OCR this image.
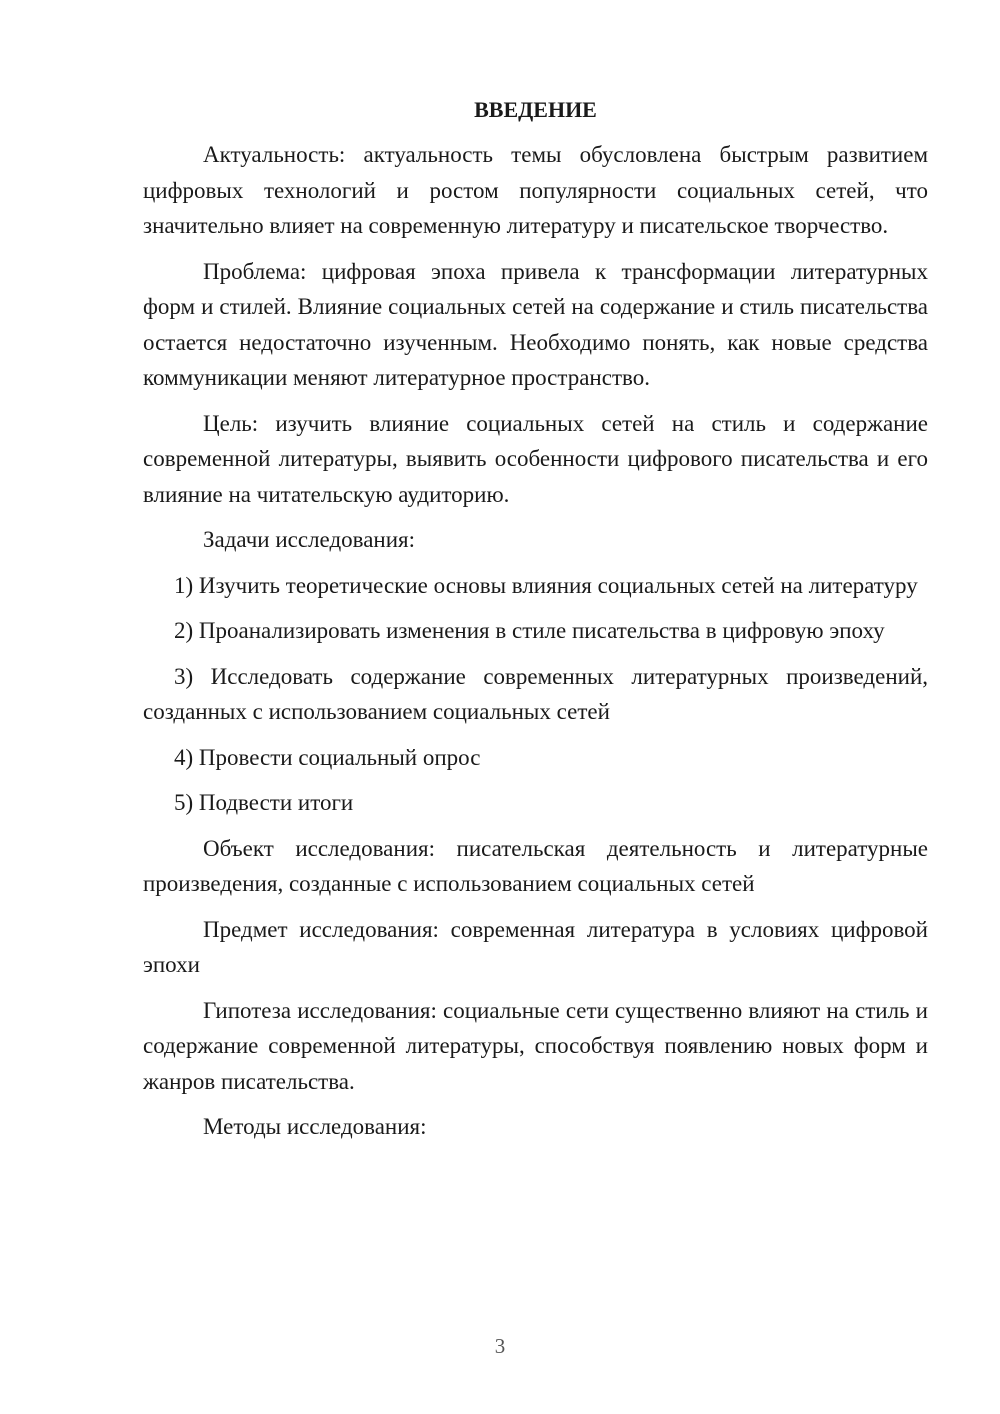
ВВЕДЕНИЕ

Актуальность: актуальность темы обусловлена быстрым развитием цифровых технологий и ростом популярности социальных сетей, что значительно влияет на современную литературу и писательское творчество.

Проблема: цифровая эпоха привела к трансформации литературных форм и стилей. Влияние социальных сетей на содержание и стиль писательства остается недостаточно изученным. Необходимо понять, как новые средства коммуникации меняют литературное пространство.

Цель: изучить влияние социальных сетей на стиль и содержание современной литературы, выявить особенности цифрового писательства и его влияние на читательскую аудиторию.

Задачи исследования:

1) Изучить теоретические основы влияния социальных сетей на литературу

2) Проанализировать изменения в стиле писательства в цифровую эпоху

3) Исследовать содержание современных литературных произведений, созданных с использованием социальных сетей

4) Провести социальный опрос

5) Подвести итоги

Объект исследования: писательская деятельность и литературные произведения, созданные с использованием социальных сетей

Предмет исследования: современная литература в условиях цифровой эпохи

Гипотеза исследования: социальные сети существенно влияют на стиль и содержание современной литературы, способствуя появлению новых форм и жанров писательства.

Методы исследования:

3
